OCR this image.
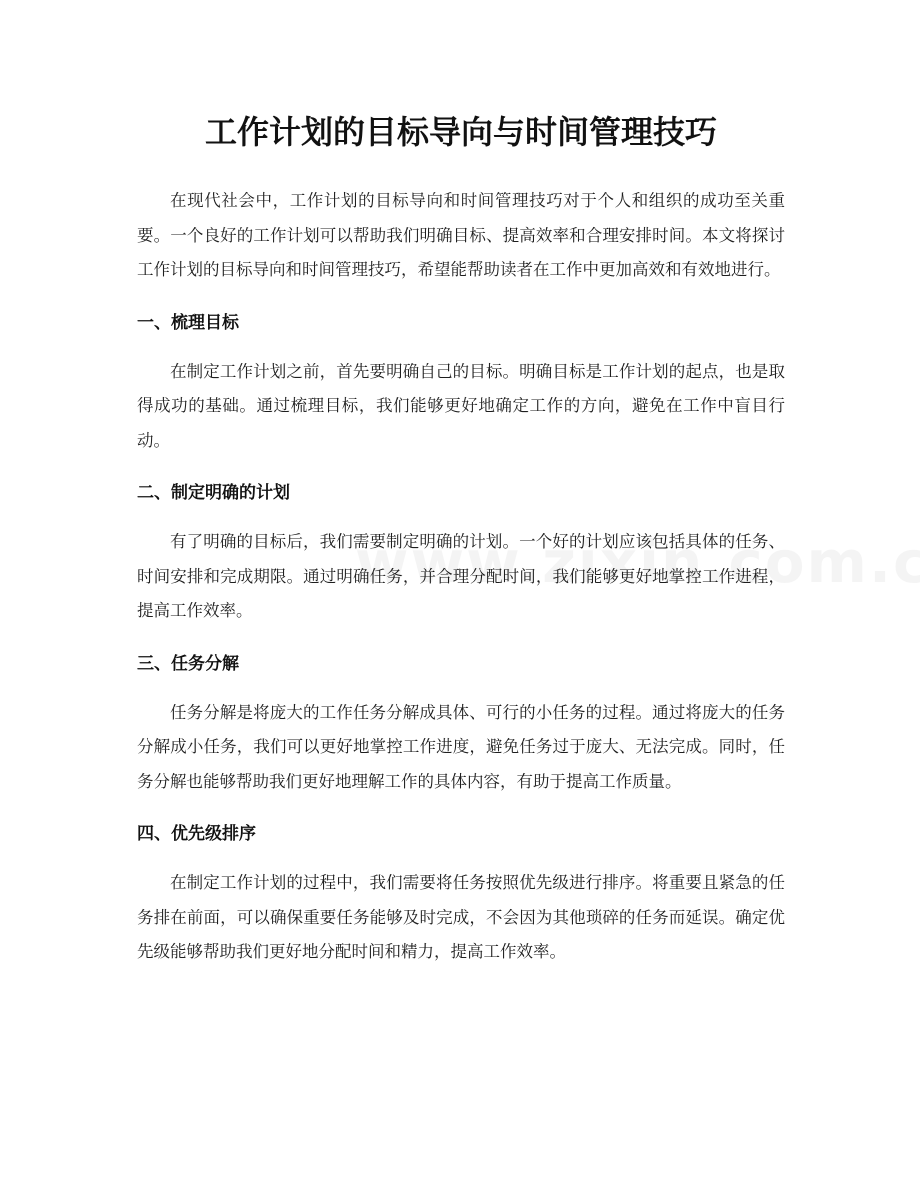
工作计划的目标导向与时间管理技巧

在现代社会中，工作计划的目标导向和时间管理技巧对于个人和组织的成功至关重要。一个良好的工作计划可以帮助我们明确目标、提高效率和合理安排时间。本文将探讨工作计划的目标导向和时间管理技巧，希望能帮助读者在工作中更加高效和有效地进行。

一、梳理目标

在制定工作计划之前，首先要明确自己的目标。明确目标是工作计划的起点，也是取得成功的基础。通过梳理目标，我们能够更好地确定工作的方向，避免在工作中盲目行动。

二、制定明确的计划

有了明确的目标后，我们需要制定明确的计划。一个好的计划应该包括具体的任务、时间安排和完成期限。通过明确任务，并合理分配时间，我们能够更好地掌控工作进程，提高工作效率。

三、任务分解

任务分解是将庞大的工作任务分解成具体、可行的小任务的过程。通过将庞大的任务分解成小任务，我们可以更好地掌控工作进度，避免任务过于庞大、无法完成。同时，任务分解也能够帮助我们更好地理解工作的具体内容，有助于提高工作质量。

四、优先级排序

在制定工作计划的过程中，我们需要将任务按照优先级进行排序。将重要且紧急的任务排在前面，可以确保重要任务能够及时完成，不会因为其他琐碎的任务而延误。确定优先级能够帮助我们更好地分配时间和精力，提高工作效率。
